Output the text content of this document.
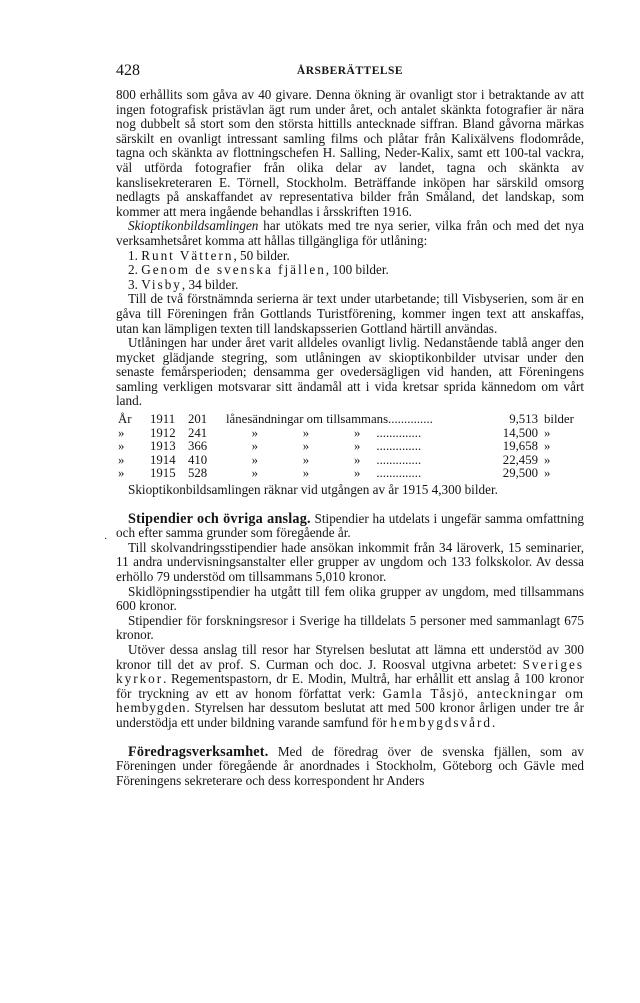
428	ÅRSBERÄTTELSE
·

800 erhållits som gåva av 40 givare. Denna ökning är ovanligt stor i betraktande av att ingen fotografisk pristävlan ägt rum under året, och antalet skänkta fotografier är nära nog dubbelt så stort som den största hittills antecknade siffran. Bland gåvorna märkas särskilt en ovanligt intressant samling films och plåtar från Kalixälvens flodområde, tagna och skänkta av flottningschefen H. Salling, Neder-Kalix, samt ett 100-tal vackra, väl utförda fotografier från olika delar av landet, tagna och skänkta av kanslisekreteraren E. Törnell, Stockholm. Beträffande inköpen har särskild omsorg nedlagts på anskaffandet av representativa bilder från Småland, det landskap, som kommer att mera ingående behandlas i årsskriften 1916.

Skioptikonbildsamlingen har utökats med tre nya serier, vilka från och med det nya verksamhetsåret komma att hållas tillgängliga för utlåning:

1. Runt Vättern, 50 bilder.

2. Genom de svenska fjällen, 100 bilder.

3. Visby, 34 bilder.

Till de två förstnämnda serierna är text under utarbetande; till Visbyserien, som är en gåva till Föreningen från Gottlands Turistförening, kommer ingen text att anskaffas, utan kan lämpligen texten till landskapsserien Gottland härtill användas.

Utlåningen har under året varit alldeles ovanligt livlig. Nedanstående tablå anger den mycket glädjande stegring, som utlåningen av skioptikonbilder utvisar under den senaste femårsperioden; densamma ger ovedersägligen vid handen, att Föreningens samling verkligen motsvarar sitt ändamål att i vida kretsar sprida kännedom om vårt land.

År	1911	201	lånesändningar om tillsammans..............	9,513 bilder
»	1912 241	»              »              »     ..............	14,500 »
»	1913 366	»              »              »     ..............	19,658 »
»	1914 410	»              »              »     ..............	22,459 »
»	1915 528	»              »              »     ..............	29,500 »

Skioptikonbildsamlingen räknar vid utgången av år 1915 4,300 bilder.

Stipendier och övriga anslag. Stipendier ha utdelats i ungefär samma omfattning och efter samma grunder som föregående år.

Till skolvandringsstipendier hade ansökan inkommit från 34 läroverk, 15 seminarier, 11 andra undervisningsanstalter eller grupper av ungdom och 133 folkskolor. Av dessa erhöllo 79 understöd om tillsammans 5,010 kronor.

Skidlöpningsstipendier ha utgått till fem olika grupper av ungdom, med tillsammans 600 kronor.

Stipendier för forskningsresor i Sverige ha tilldelats 5 personer med sammanlagt 675 kronor.

Utöver dessa anslag till resor har Styrelsen beslutat att lämna ett understöd av 300 kronor till det av prof. S. Curman och doc. J. Roosval utgivna arbetet: Sveriges kyrkor. Regementspastorn, dr E. Modin, Multrå, har erhållit ett anslag å 100 kronor för tryckning av ett av honom författat verk: Gamla Tåsjö, anteckningar om hembygden. Styrelsen har dessutom beslutat att med 500 kronor årligen under tre år understödja ett under bildning varande samfund för hembygdsvård.

Föredragsverksamhet. Med de föredrag över de svenska fjällen, som av Föreningen under föregående år anordnades i Stockholm, Göteborg och Gävle med Föreningens sekreterare och dess korrespondent hr Anders
